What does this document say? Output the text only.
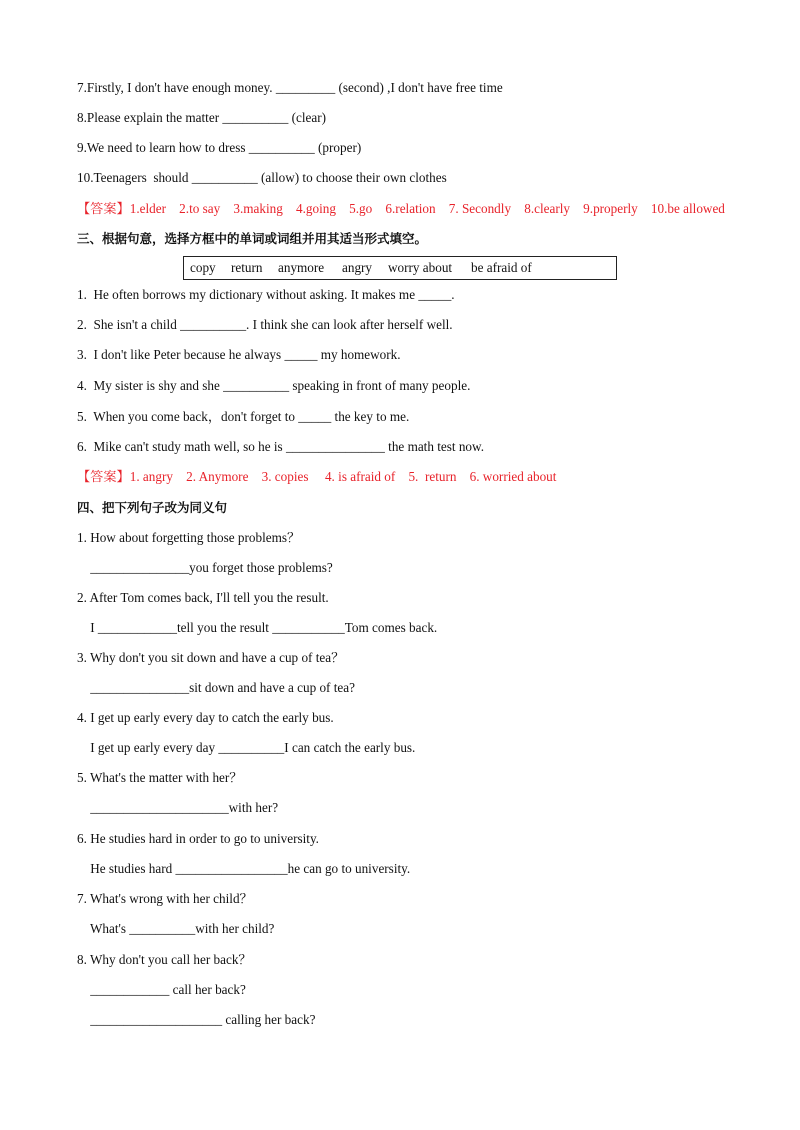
7.Firstly, I don't have enough money. _________ (second) ,I don't have free time
8.Please explain the matter __________ (clear)
9.We need to learn how to dress __________ (proper)
10.Teenagers  should __________ (allow) to choose their own clothes
【答案】1.elder    2.to say    3.making    4.going    5.go    6.relation    7. Secondly    8.clearly    9.properly    10.be allowed
三、根据句意，选择方框中的单词或词组并用其适当形式填空。
copy return anymore angry worry about be afraid of
1.  He often borrows my dictionary without asking. It makes me _____.
2.  She isn't a child __________. I think she can look after herself well.
3.  I don't like Peter because he always _____ my homework.
4.  My sister is shy and she __________ speaking in front of many people.
5.  When you come back，don't forget to _____ the key to me.
6.  Mike can't study math well, so he is _______________ the math test now.
【答案】1. angry    2. Anymore    3. copies     4. is afraid of    5.  return    6. worried about
四、把下列句子改为同义句
1. How about forgetting those problems？
_______________you forget those problems?
2. After Tom comes back, I'll tell you the result.
I ____________tell you the result ___________Tom comes back.
3. Why don't you sit down and have a cup of tea？
_______________sit down and have a cup of tea?
4. I get up early every day to catch the early bus.
I get up early every day __________I can catch the early bus.
5. What's the matter with her？
_____________________with her?
6. He studies hard in order to go to university.
He studies hard _________________he can go to university.
7. What's wrong with her child？
What's __________with her child?
8. Why don't you call her back？
____________ call her back?
____________________ calling her back?
